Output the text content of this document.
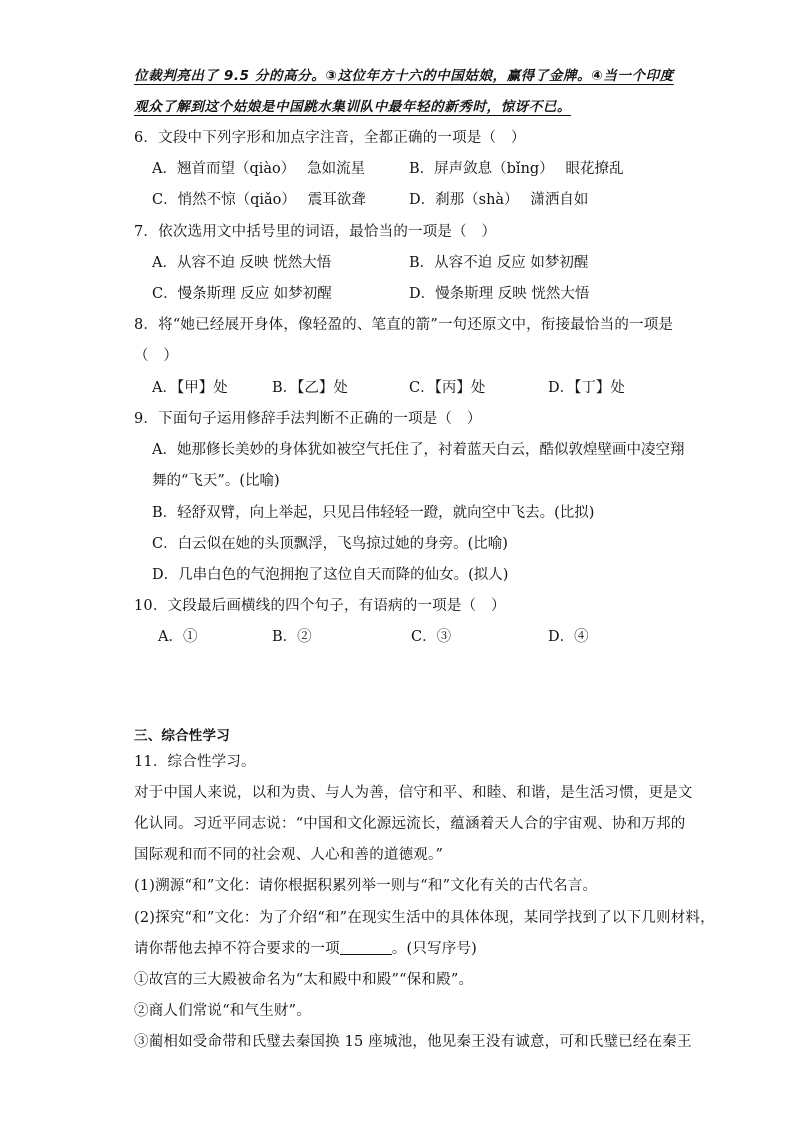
位裁判亮出了 9.5 分的高分。③这位年方十六的中国姑娘，赢得了金牌。④当一个印度
观众了解到这个姑娘是中国跳水集训队中最年轻的新秀时，惊讶不已。
6．文段中下列字形和加点字注音，全都正确的一项是（　）
A．翘首而望（qiào）　 急如流星	B．屏声敛息（bǐng）　 眼花撩乱
C．悄然不惊（qiǎo）　 震耳欲聋	D．刹那（shà）　 潇洒自如
7．依次选用文中括号里的词语，最恰当的一项是（　）
A．从容不迫 反映 恍然大悟	B．从容不迫 反应 如梦初醒
C．慢条斯理 反应 如梦初醒	D．慢条斯理 反映 恍然大悟
8．将“她已经展开身体，像轻盈的、笔直的箭”一句还原文中，衔接最恰当的一项是
（　）
A．【甲】处	B．【乙】处	C．【丙】处	D．【丁】处
9．下面句子运用修辞手法判断不正确的一项是（　）
A．她那修长美妙的身体犹如被空气托住了，衬着蓝天白云，酷似敦煌壁画中凌空翔
舞的“飞天”。(比喻)
B．轻舒双臂，向上举起，只见吕伟轻轻一蹬，就向空中飞去。(比拟)
C．白云似在她的头顶飘浮，飞鸟掠过她的身旁。(比喻)
D．几串白色的气泡拥抱了这位自天而降的仙女。(拟人)
10．文段最后画横线的四个句子，有语病的一项是（　）
A．①	B．②	C．③	D．④
三、综合性学习
11．综合性学习。
对于中国人来说，以和为贵、与人为善，信守和平、和睦、和谐，是生活习惯，更是文
化认同。习近平同志说：“中国和文化源远流长，蕴涵着天人合的宇宙观、协和万邦的
国际观和而不同的社会观、人心和善的道德观。”
(1)溯源“和”文化：请你根据积累列举一则与“和”文化有关的古代名言。
(2)探究“和”文化：为了介绍“和”在现实生活中的具体体现，某同学找到了以下几则材料，
请你帮他去掉不符合要求的一项	。(只写序号)
①故宫的三大殿被命名为“太和殿中和殿”“保和殿”。
②商人们常说“和气生财”。
③蔺相如受命带和氏璧去秦国换 15 座城池，他见秦王没有诚意，可和氏璧已经在秦王
